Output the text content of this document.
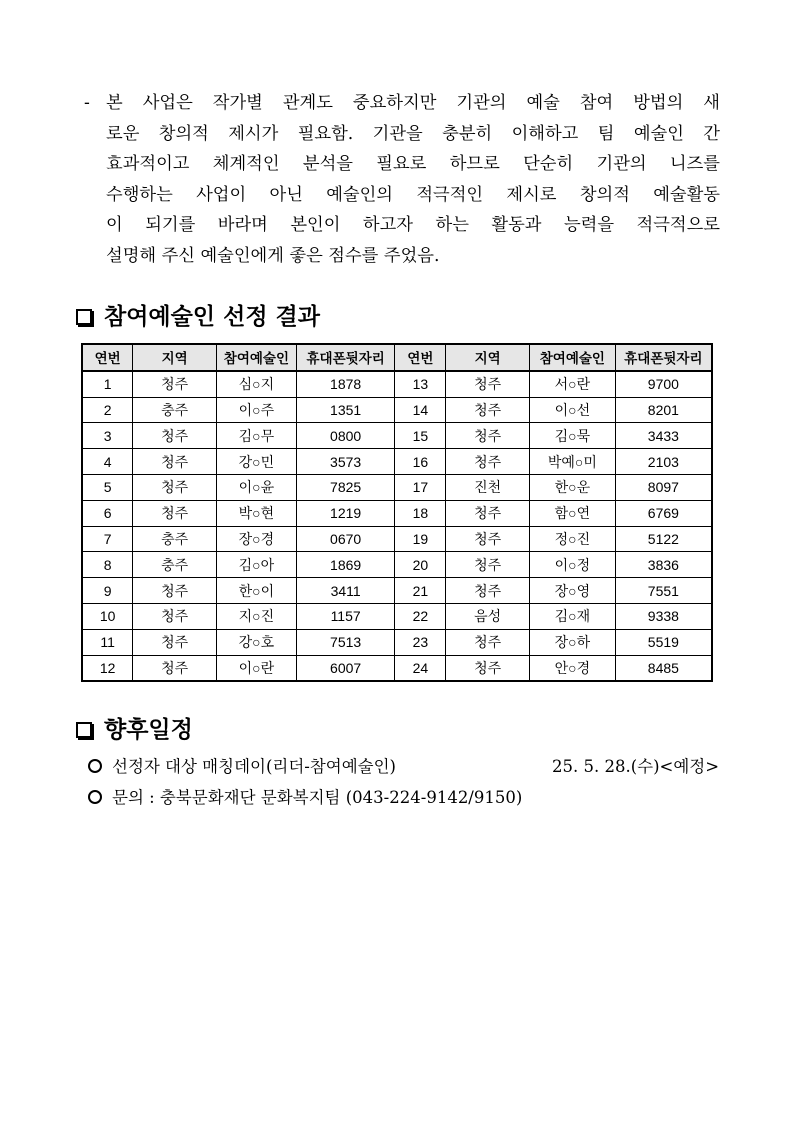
- 본 사업은 작가별 관계도 중요하지만 기관의 예술 참여 방법의 새
로운 창의적 제시가 필요함. 기관을 충분히 이해하고 팀 예술인 간
효과적이고 체계적인 분석을 필요로 하므로 단순히 기관의 니즈를
수행하는 사업이 아닌 예술인의 적극적인 제시로 창의적 예술활동
이 되기를 바라며 본인이 하고자 하는 활동과 능력을 적극적으로
설명해 주신 예술인에게 좋은 점수를 주었음.
참여예술인 선정 결과
연번	지역	참여예술인	휴대폰뒷자리	연번	지역	참여예술인	휴대폰뒷자리
1	청주	심○지	1878	13	청주	서○란	9700
2	충주	이○주	1351	14	청주	이○선	8201
3	청주	김○무	0800	15	청주	김○묵	3433
4	청주	강○민	3573	16	청주	박예○미	2103
5	청주	이○윤	7825	17	진천	한○운	8097
6	청주	박○현	1219	18	청주	함○연	6769
7	충주	장○경	0670	19	청주	정○진	5122
8	충주	김○아	1869	20	청주	이○정	3836
9	청주	한○이	3411	21	청주	장○영	7551
10	청주	지○진	1157	22	음성	김○재	9338
11	청주	강○호	7513	23	청주	장○하	5519
12	청주	이○란	6007	24	청주	안○경	8485
향후일정
선정자 대상 매칭데이(리더-참여예술인)	25. 5. 28.(수)<예정>
문의 : 충북문화재단 문화복지팀 (043-224-9142/9150)
